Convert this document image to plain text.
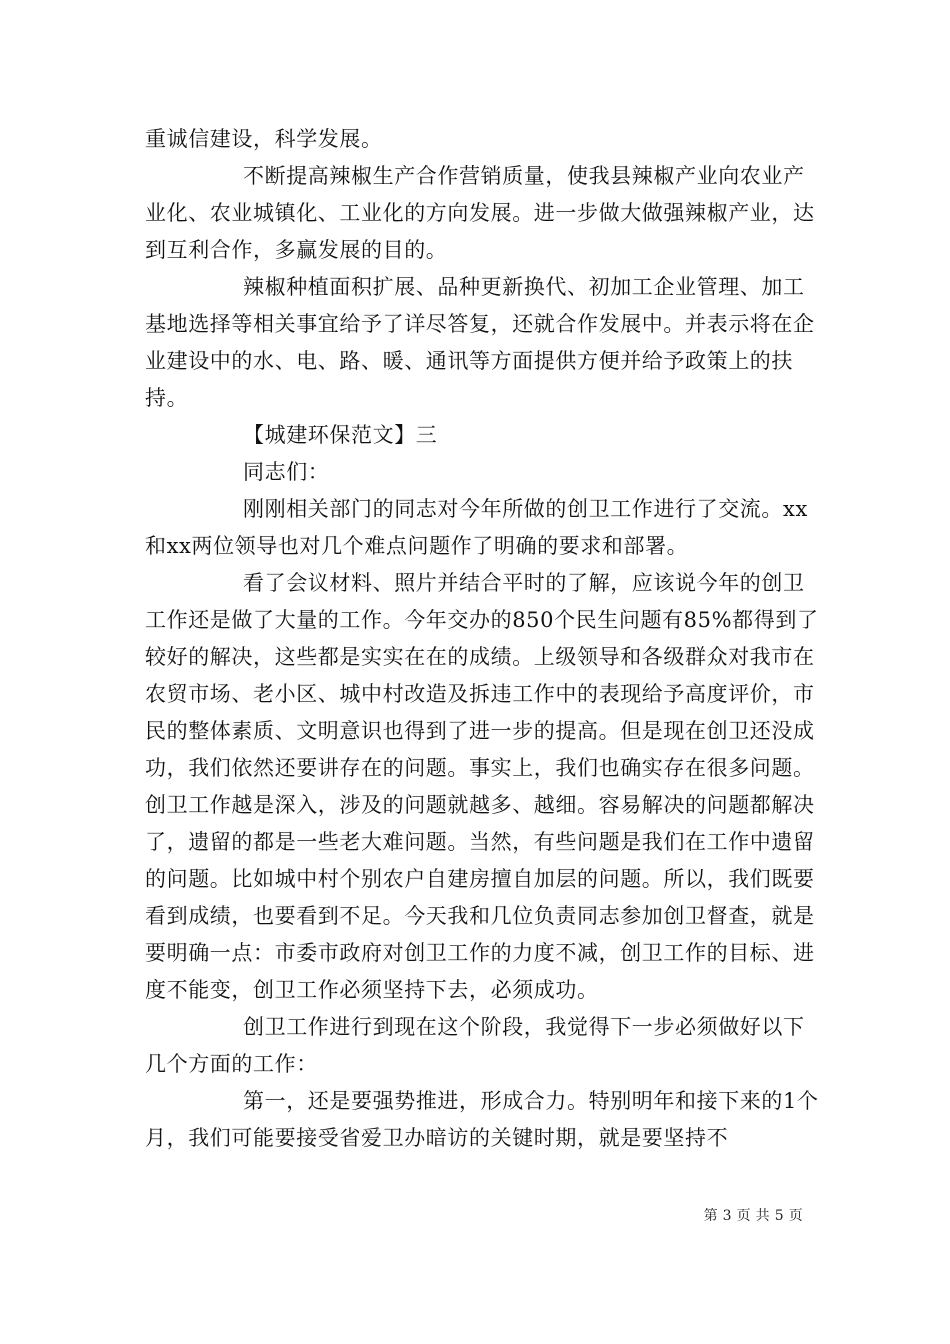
重诚信建设，科学发展。

不断提高辣椒生产合作营销质量，使我县辣椒产业向农业产业化、农业城镇化、工业化的方向发展。进一步做大做强辣椒产业，达到互利合作，多赢发展的目的。

辣椒种植面积扩展、品种更新换代、初加工企业管理、加工基地选择等相关事宜给予了详尽答复，还就合作发展中。并表示将在企业建设中的水、电、路、暖、通讯等方面提供方便并给予政策上的扶持。

【城建环保范文】三

同志们：

刚刚相关部门的同志对今年所做的创卫工作进行了交流。xx和xx两位领导也对几个难点问题作了明确的要求和部署。

看了会议材料、照片并结合平时的了解，应该说今年的创卫工作还是做了大量的工作。今年交办的850个民生问题有85%都得到了较好的解决，这些都是实实在在的成绩。上级领导和各级群众对我市在农贸市场、老小区、城中村改造及拆违工作中的表现给予高度评价，市民的整体素质、文明意识也得到了进一步的提高。但是现在创卫还没成功，我们依然还要讲存在的问题。事实上，我们也确实存在很多问题。创卫工作越是深入，涉及的问题就越多、越细。容易解决的问题都解决了，遗留的都是一些老大难问题。当然，有些问题是我们在工作中遗留的问题。比如城中村个别农户自建房擅自加层的问题。所以，我们既要看到成绩，也要看到不足。今天我和几位负责同志参加创卫督查，就是要明确一点：市委市政府对创卫工作的力度不减，创卫工作的目标、进度不能变，创卫工作必须坚持下去，必须成功。

创卫工作进行到现在这个阶段，我觉得下一步必须做好以下几个方面的工作：

第一，还是要强势推进，形成合力。特别明年和接下来的1个月，我们可能要接受省爱卫办暗访的关键时期，就是要坚持不

第 3 页 共 5 页
